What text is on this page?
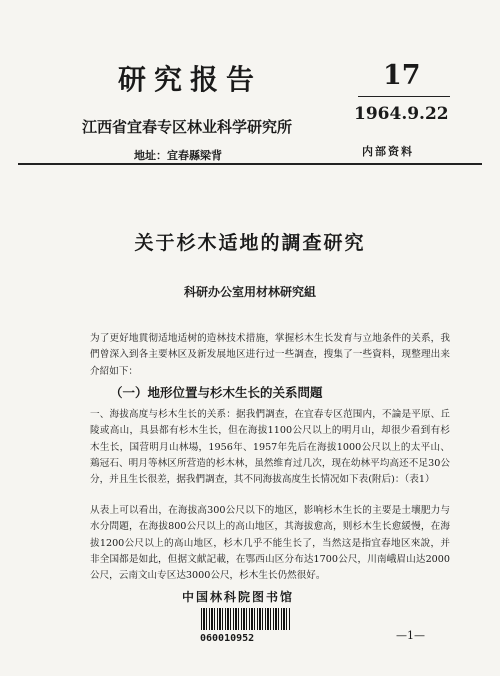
研究报告	17
1964.9.22
江西省宜春专区林业科学研究所
地址：宜春縣梁背	内部资料
关于杉木适地的調查研究
科研办公室用材林研究組
为了更好地貫彻适地适树的造林技术措施，掌握杉木生长发育与立地条件的关系，我們曾深入到各主要林区及新发展地区进行过一些調查，搜集了一些資料，现整理出来介紹如下：
（一）地形位置与杉木生长的关系問題
一、海拔高度与杉木生长的关系：据我們調查，在宜春专区范围内，不論是平原、丘陵或高山，具县都有杉木生长，但在海拔1100公尺以上的明月山，却很少看到有杉木生长，国营明月山林場，1956年、1957年先后在海拔1000公尺以上的太平山、鶏冠石、明月等林区所营造的杉木林，虽然维育过几次，现在幼林平均高还不足30公分，并且生长很差，据我們調查，其不同海拔高度生长情况如下表(附后)：（表1）
从表上可以看出，在海拔高300公尺以下的地区，影响杉木生长的主要是土壤肥力与水分問題，在海拔800公尺以上的高山地区，其海拔愈高，则杉木生长愈緩慢，在海拔1200公尺以上的高山地区，杉木几乎不能生长了，当然这是指宜春地区來說，并非全国都是如此，但据文献記載，在鄂西山区分布达1700公尺，川南峨眉山达2000公尺，云南文山专区达3000公尺，杉木生长仍然很好。
中国林科院图书馆
060010952	—1—
